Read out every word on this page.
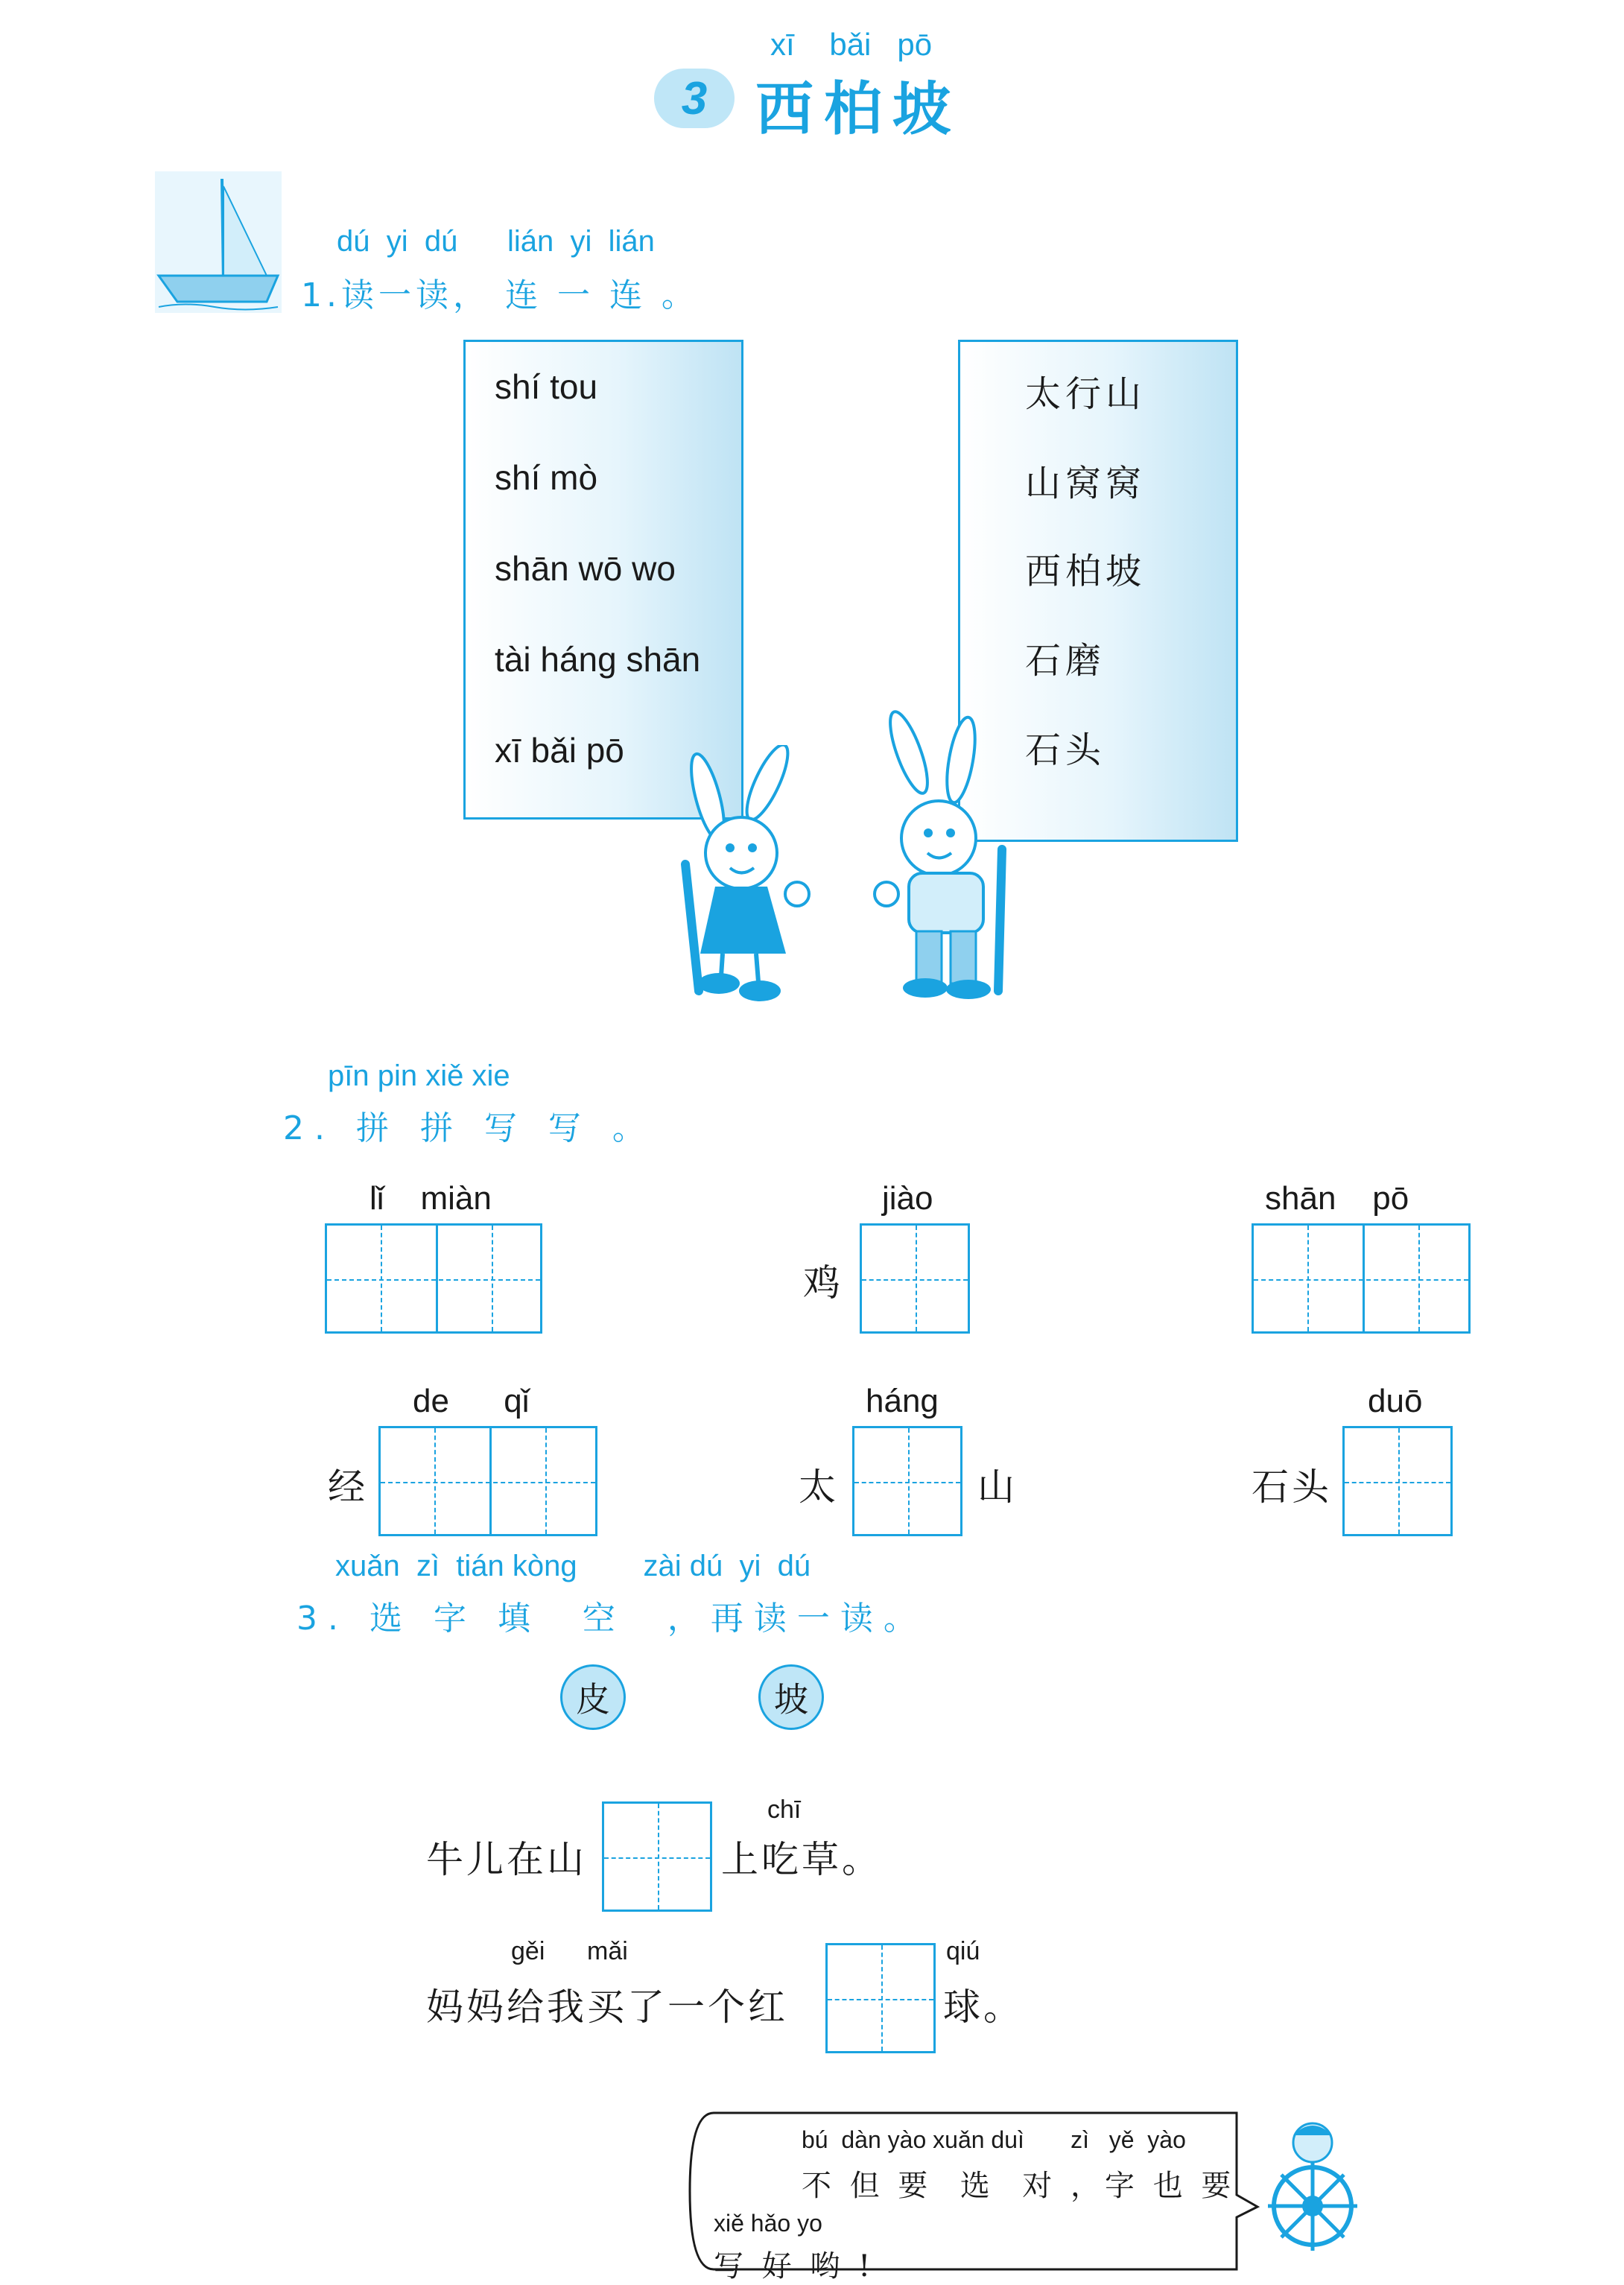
xī    bǎi   pō
3 西柏坡
dú  yi  dú      lián  yi  lián
1.读一读， 连 一 连 。
shí tou
shí mò
shān wō wo
tài háng shān
xī bǎi pō
太行山
山窝窝
西柏坡
石磨
石头
pīn pin xiě xie
2. 拼 拼 写 写 。
lǐ    miàn	jiào
鸡
shān    pō
de      qǐ
经
háng
太	山
duō
石头
xuǎn  zì  tián kòng        zài dú  yi  dú
3. 选 字 填  空  ，再读一读。
皮	坡
牛儿在山
chī
上吃草。
gěi      mǎi
妈妈给我买了一个红
qiú
球。
bú  dàn yào xuǎn duì       zì   yě  yào
不 但 要  选  对 ，字 也 要
xiě hǎo yo
写 好 哟 !
